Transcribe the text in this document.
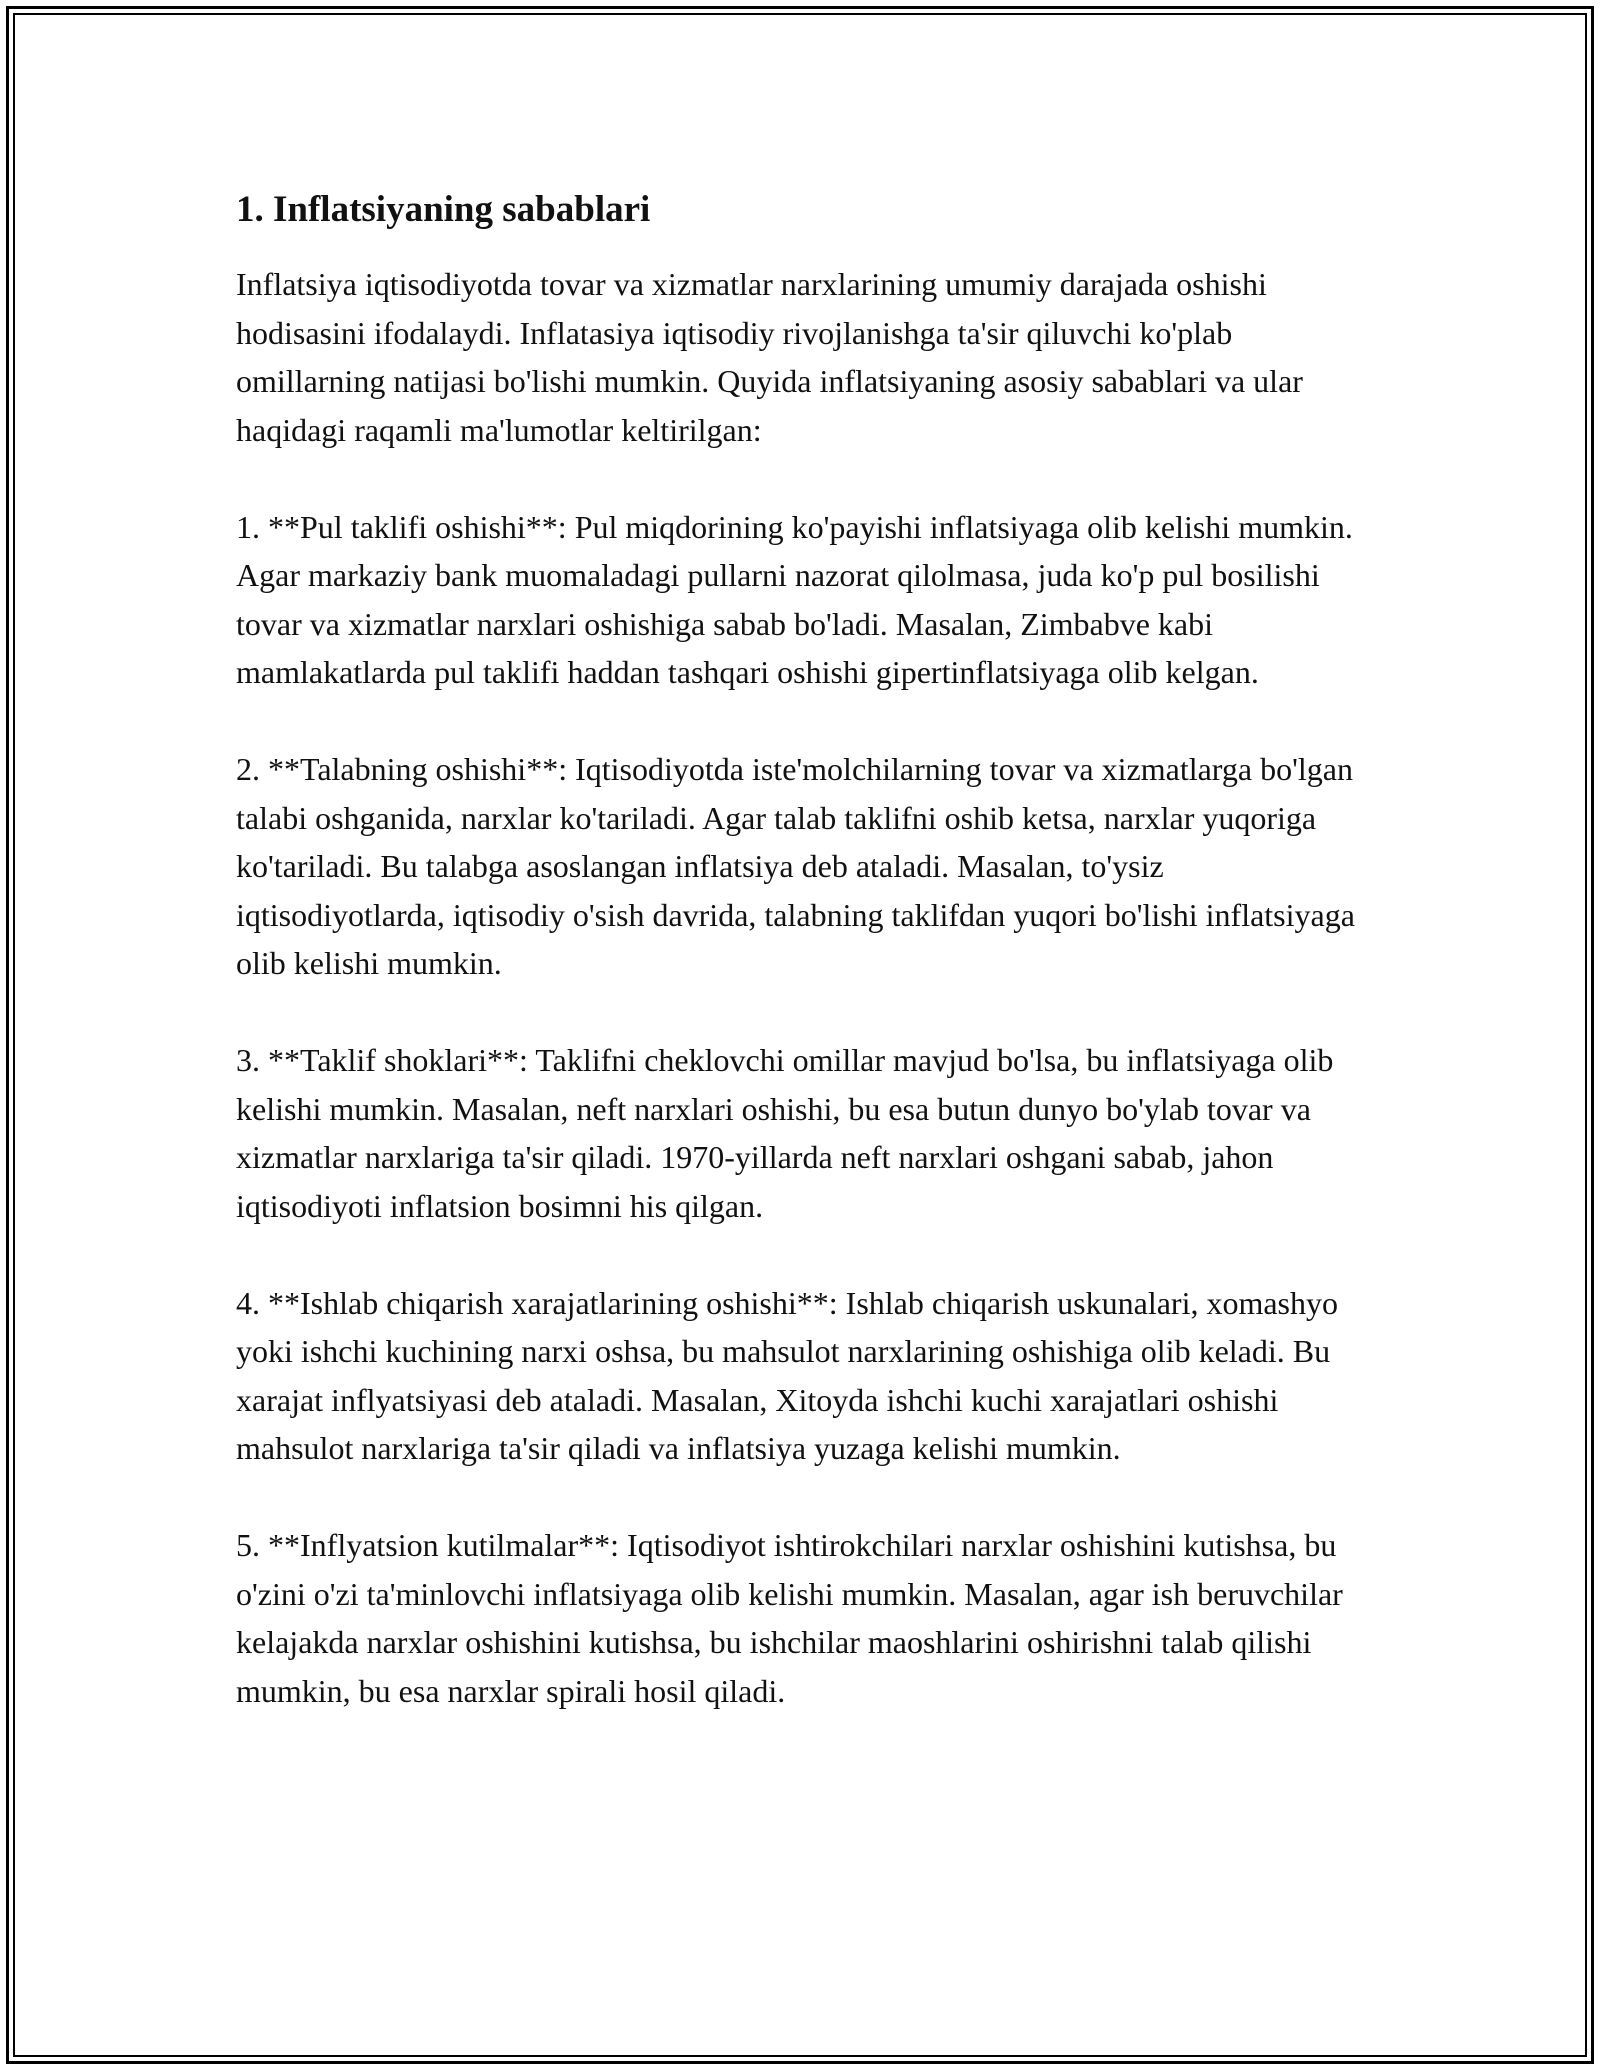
1. Inflatsiyaning sabablari

Inflatsiya iqtisodiyotda tovar va xizmatlar narxlarining umumiy darajada oshishi hodisasini ifodalaydi. Inflatasiya iqtisodiy rivojlanishga ta'sir qiluvchi ko'plab omillarning natijasi bo'lishi mumkin. Quyida inflatsiyaning asosiy sabablari va ular haqidagi raqamli ma'lumotlar keltirilgan:

1. **Pul taklifi oshishi**: Pul miqdorining ko'payishi inflatsiyaga olib kelishi mumkin. Agar markaziy bank muomaladagi pullarni nazorat qilolmasa, juda ko'p pul bosilishi tovar va xizmatlar narxlari oshishiga sabab bo'ladi. Masalan, Zimbabve kabi mamlakatlarda pul taklifi haddan tashqari oshishi gipertinflatsiyaga olib kelgan.

2. **Talabning oshishi**: Iqtisodiyotda iste'molchilarning tovar va xizmatlarga bo'lgan talabi oshganida, narxlar ko'tariladi. Agar talab taklifni oshib ketsa, narxlar yuqoriga ko'tariladi. Bu talabga asoslangan inflatsiya deb ataladi. Masalan, to'ysiz iqtisodiyotlarda, iqtisodiy o'sish davrida, talabning taklifdan yuqori bo'lishi inflatsiyaga olib kelishi mumkin.

3. **Taklif shoklari**: Taklifni cheklovchi omillar mavjud bo'lsa, bu inflatsiyaga olib kelishi mumkin. Masalan, neft narxlari oshishi, bu esa butun dunyo bo'ylab tovar va xizmatlar narxlariga ta'sir qiladi. 1970-yillarda neft narxlari oshgani sabab, jahon iqtisodiyoti inflatsion bosimni his qilgan.

4. **Ishlab chiqarish xarajatlarining oshishi**: Ishlab chiqarish uskunalari, xomashyo yoki ishchi kuchining narxi oshsa, bu mahsulot narxlarining oshishiga olib keladi. Bu xarajat inflyatsiyasi deb ataladi. Masalan, Xitoyda ishchi kuchi xarajatlari oshishi mahsulot narxlariga ta'sir qiladi va inflatsiya yuzaga kelishi mumkin.

5. **Inflyatsion kutilmalar**: Iqtisodiyot ishtirokchilari narxlar oshishini kutishsa, bu o'zini o'zi ta'minlovchi inflatsiyaga olib kelishi mumkin. Masalan, agar ish beruvchilar kelajakda narxlar oshishini kutishsa, bu ishchilar maoshlarini oshirishni talab qilishi mumkin, bu esa narxlar spirali hosil qiladi.
